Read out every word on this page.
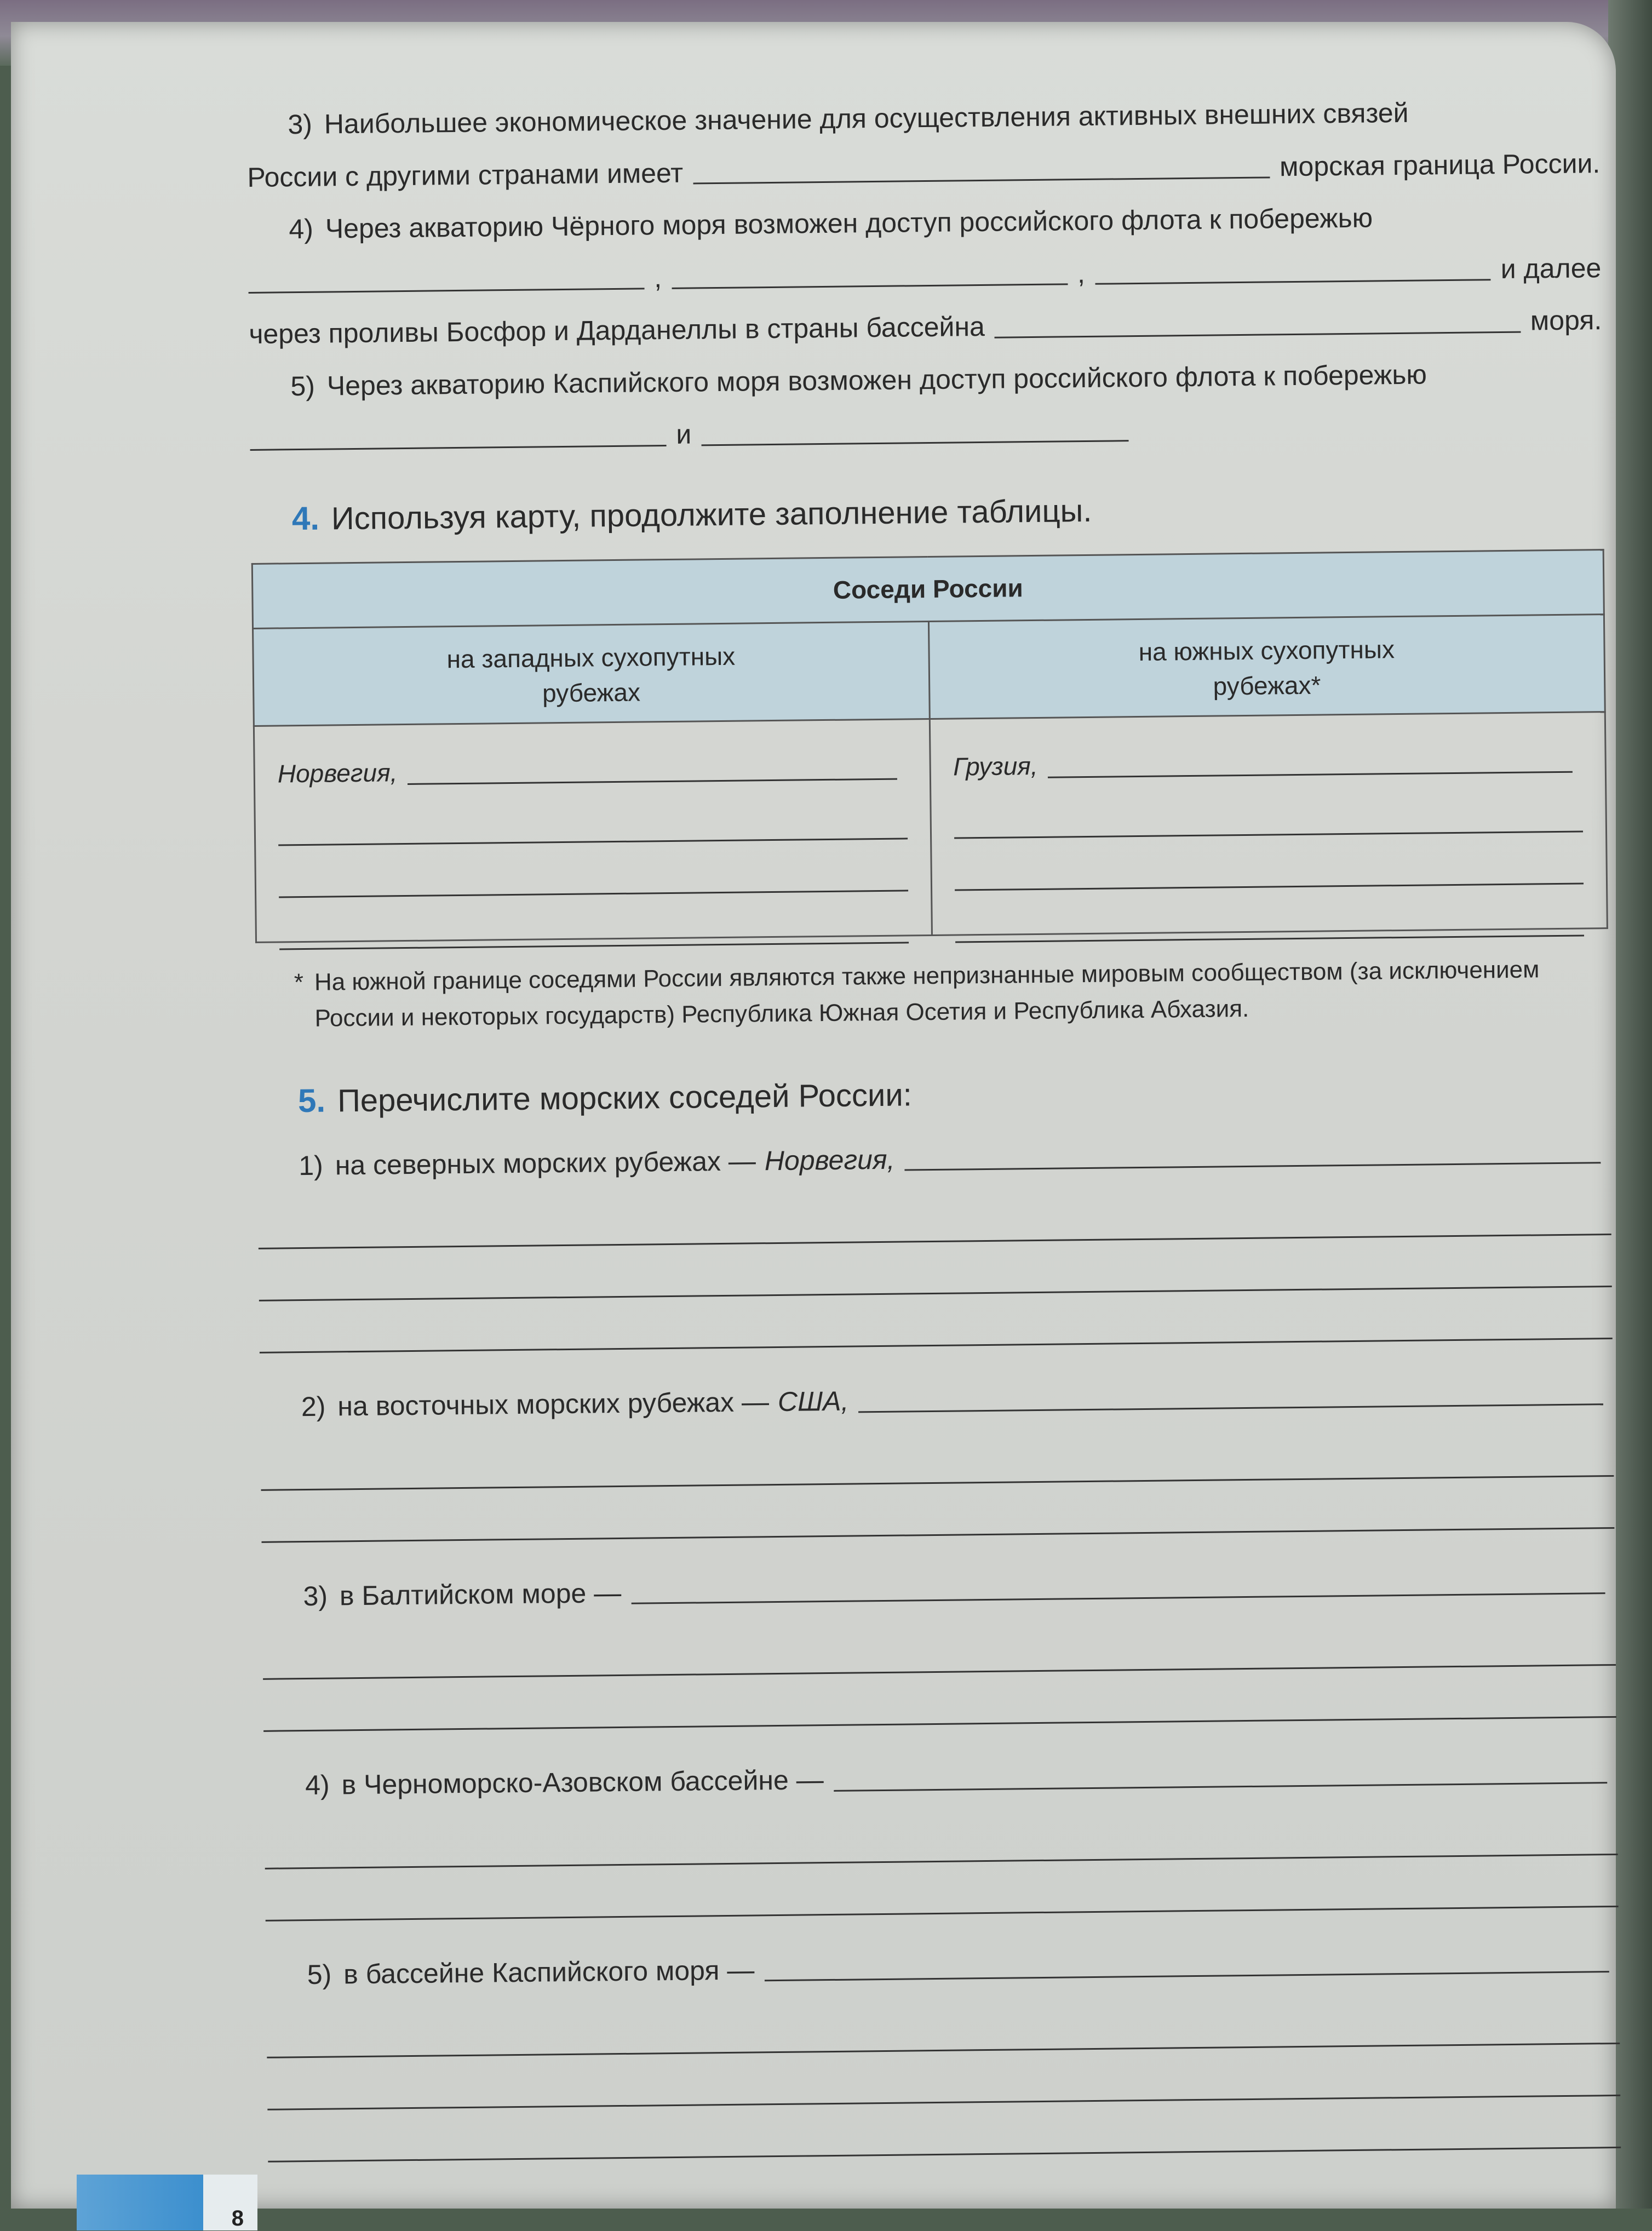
3) Наибольшее экономическое значение для осуществления активных внешних связей
России с другими странами имеет	морская граница России.
4) Через акваторию Чёрного моря возможен доступ российского флота к побережью
,	,	и далее
через проливы Босфор и Дарданеллы в страны бассейна	моря.
5) Через акваторию Каспийского моря возможен доступ российского флота к побережью
и
4. Используя карту, продолжите заполнение таблицы.
Соседи России	

на западных сухопутных рубежах	на южных сухопутных рубежах*

Норвегия,	Грузия,
* На южной границе соседями России являются также непризнанные мировым сообществом (за исключением России и некоторых государств) Республика Южная Осетия и Республика Абхазия.
5. Перечислите морских соседей России:
1) на северных морских рубежах — Норвегия,
2) на восточных морских рубежах — США,
3) в Балтийском море —
4) в Черноморско-Азовском бассейне —
5) в бассейне Каспийского моря —
8
